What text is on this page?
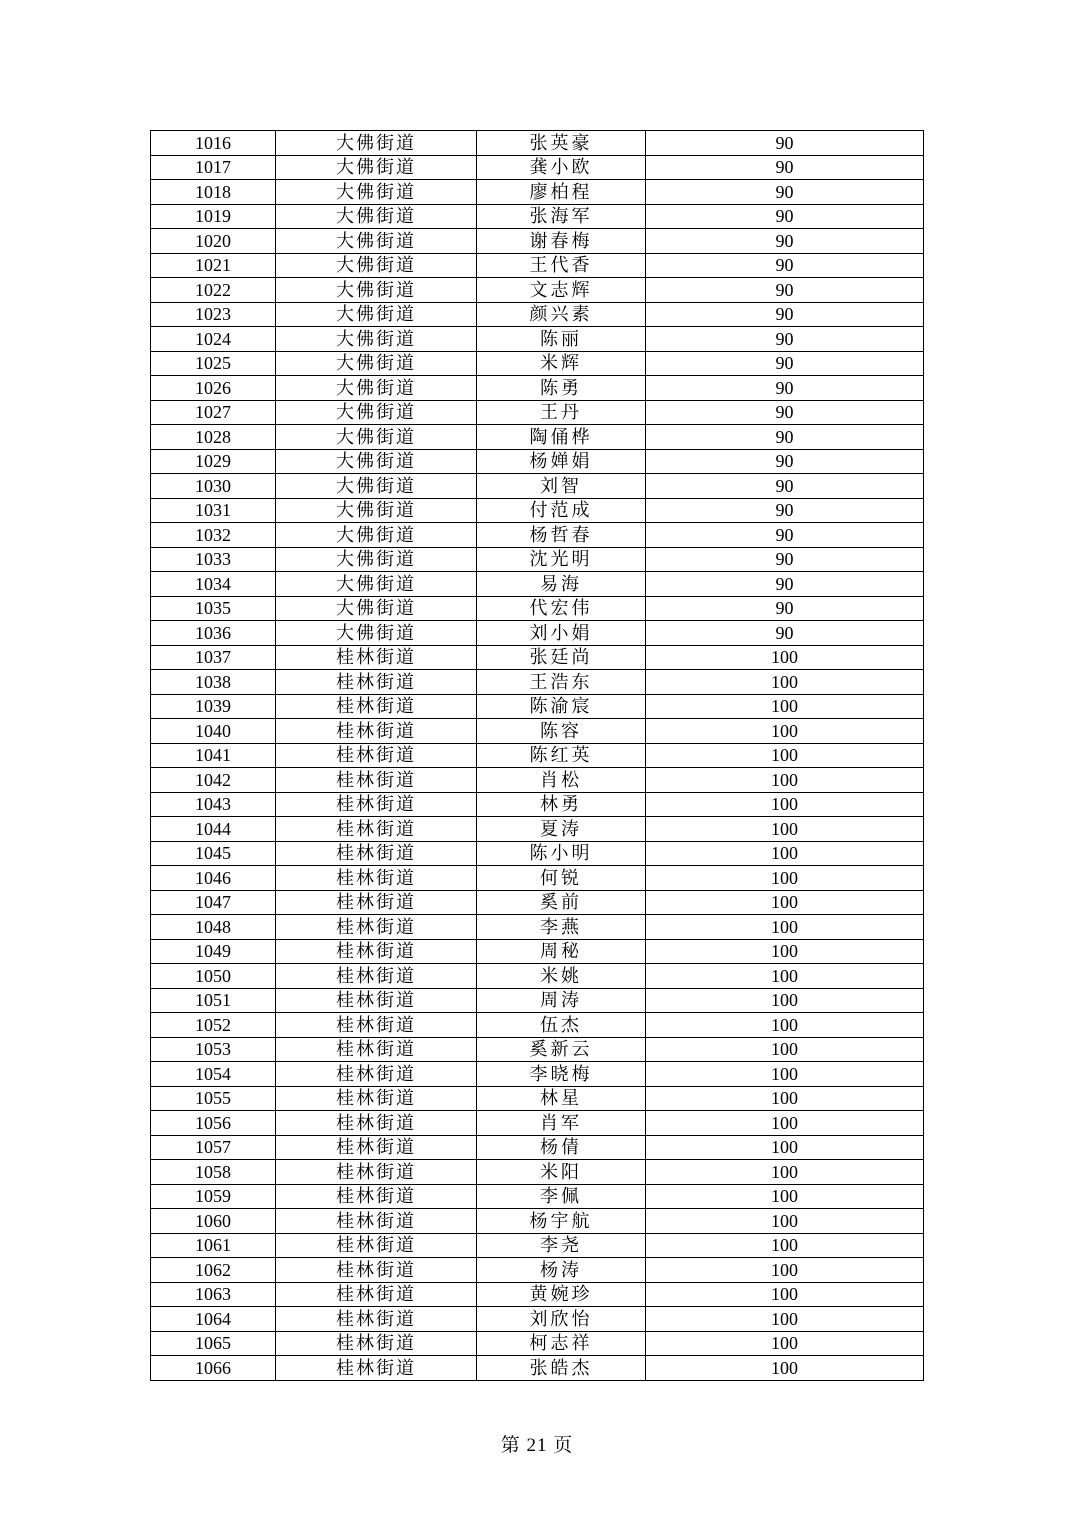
1016	大佛街道	张英豪	90
1017	大佛街道	龚小欧	90
1018	大佛街道	廖柏程	90
1019	大佛街道	张海军	90
1020	大佛街道	谢春梅	90
1021	大佛街道	王代香	90
1022	大佛街道	文志辉	90
1023	大佛街道	颜兴素	90
1024	大佛街道	陈丽	90
1025	大佛街道	米辉	90
1026	大佛街道	陈勇	90
1027	大佛街道	王丹	90
1028	大佛街道	陶俑桦	90
1029	大佛街道	杨婵娟	90
1030	大佛街道	刘智	90
1031	大佛街道	付范成	90
1032	大佛街道	杨哲春	90
1033	大佛街道	沈光明	90
1034	大佛街道	易海	90
1035	大佛街道	代宏伟	90
1036	大佛街道	刘小娟	90
1037	桂林街道	张廷尚	100
1038	桂林街道	王浩东	100
1039	桂林街道	陈渝宸	100
1040	桂林街道	陈容	100
1041	桂林街道	陈红英	100
1042	桂林街道	肖松	100
1043	桂林街道	林勇	100
1044	桂林街道	夏涛	100
1045	桂林街道	陈小明	100
1046	桂林街道	何锐	100
1047	桂林街道	奚前	100
1048	桂林街道	李燕	100
1049	桂林街道	周秘	100
1050	桂林街道	米姚	100
1051	桂林街道	周涛	100
1052	桂林街道	伍杰	100
1053	桂林街道	奚新云	100
1054	桂林街道	李晓梅	100
1055	桂林街道	林星	100
1056	桂林街道	肖军	100
1057	桂林街道	杨倩	100
1058	桂林街道	米阳	100
1059	桂林街道	李佩	100
1060	桂林街道	杨宇航	100
1061	桂林街道	李尧	100
1062	桂林街道	杨涛	100
1063	桂林街道	黄婉珍	100
1064	桂林街道	刘欣怡	100
1065	桂林街道	柯志祥	100
1066	桂林街道	张皓杰	100
第 21 页
